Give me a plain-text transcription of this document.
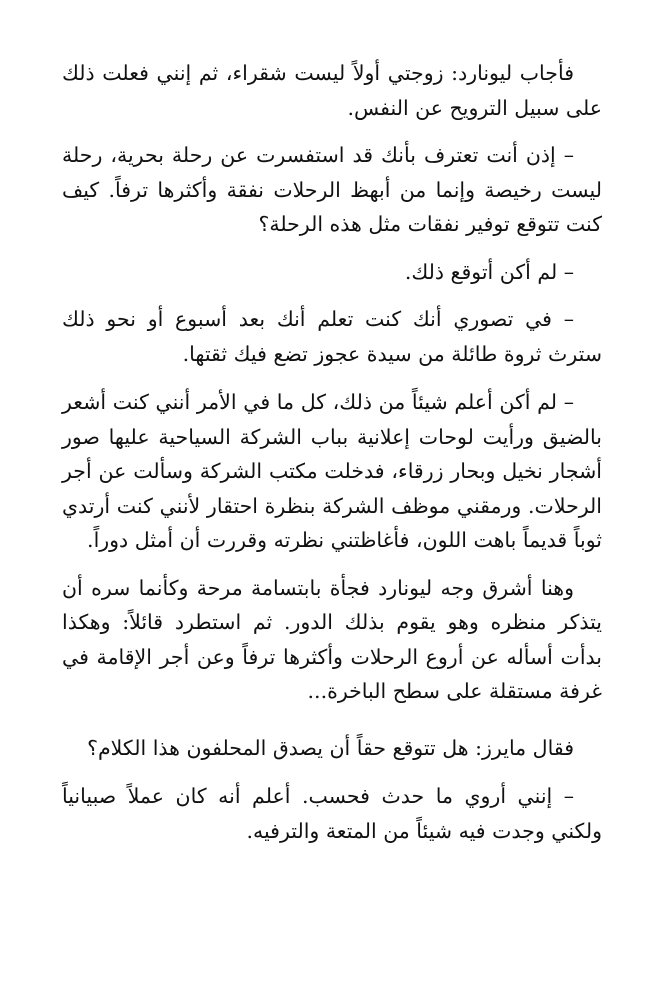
فأجاب ليونارد: زوجتي أولاً ليست شقراء، ثم إنني فعلت ذلك على سبيل الترويح عن النفس.

– إذن أنت تعترف بأنك قد استفسرت عن رحلة بحرية، رحلة ليست رخيصة وإنما من أبهظ الرحلات نفقة وأكثرها ترفاً. كيف كنت تتوقع توفير نفقات مثل هذه الرحلة؟

– لم أكن أتوقع ذلك.

– في تصوري أنك كنت تعلم أنك بعد أسبوع أو نحو ذلك سترث ثروة طائلة من سيدة عجوز تضع فيك ثقتها.

– لم أكن أعلم شيئاً من ذلك، كل ما في الأمر أنني كنت أشعر بالضيق ورأيت لوحات إعلانية بباب الشركة السياحية عليها صور أشجار نخيل وبحار زرقاء، فدخلت مكتب الشركة وسألت عن أجر الرحلات. ورمقني موظف الشركة بنظرة احتقار لأنني كنت أرتدي ثوباً قديماً باهت اللون، فأغاظتني نظرته وقررت أن أمثل دوراً.

وهنا أشرق وجه ليونارد فجأة بابتسامة مرحة وكأنما سره أن يتذكر منظره وهو يقوم بذلك الدور. ثم استطرد قائلاً: وهكذا بدأت أسأله عن أروع الرحلات وأكثرها ترفاً وعن أجر الإقامة في غرفة مستقلة على سطح الباخرة...

فقال مايرز: هل تتوقع حقاً أن يصدق المحلفون هذا الكلام؟

– إنني أروي ما حدث فحسب. أعلم أنه كان عملاً صبيانياً ولكني وجدت فيه شيئاً من المتعة والترفيه.
